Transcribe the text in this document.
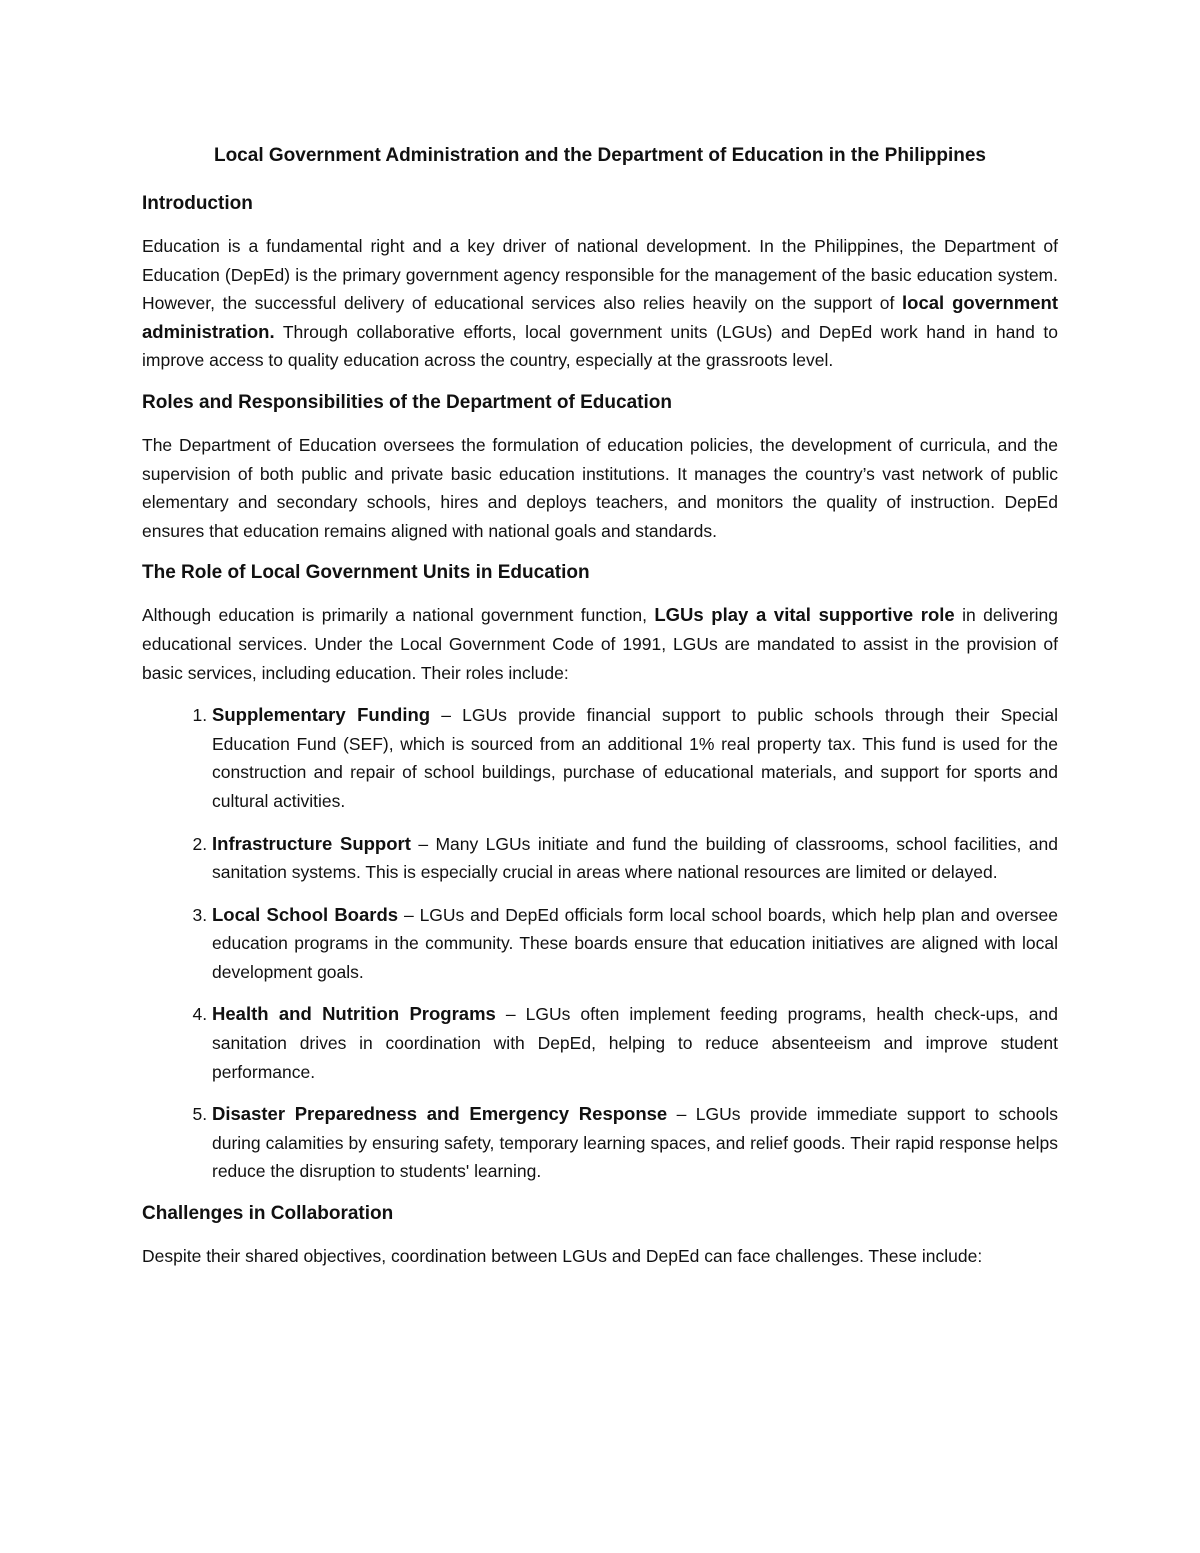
Local Government Administration and the Department of Education in the Philippines
Introduction

Education is a fundamental right and a key driver of national development. In the Philippines, the Department of Education (DepEd) is the primary government agency responsible for the management of the basic education system. However, the successful delivery of educational services also relies heavily on the support of local government administration. Through collaborative efforts, local government units (LGUs) and DepEd work hand in hand to improve access to quality education across the country, especially at the grassroots level.

Roles and Responsibilities of the Department of Education

The Department of Education oversees the formulation of education policies, the development of curricula, and the supervision of both public and private basic education institutions. It manages the country’s vast network of public elementary and secondary schools, hires and deploys teachers, and monitors the quality of instruction. DepEd ensures that education remains aligned with national goals and standards.

The Role of Local Government Units in Education

Although education is primarily a national government function, LGUs play a vital supportive role in delivering educational services. Under the Local Government Code of 1991, LGUs are mandated to assist in the provision of basic services, including education. Their roles include:

1. Supplementary Funding – LGUs provide financial support to public schools through their Special Education Fund (SEF), which is sourced from an additional 1% real property tax. This fund is used for the construction and repair of school buildings, purchase of educational materials, and support for sports and cultural activities.
2. Infrastructure Support – Many LGUs initiate and fund the building of classrooms, school facilities, and sanitation systems. This is especially crucial in areas where national resources are limited or delayed.
3. Local School Boards – LGUs and DepEd officials form local school boards, which help plan and oversee education programs in the community. These boards ensure that education initiatives are aligned with local development goals.
4. Health and Nutrition Programs – LGUs often implement feeding programs, health check-ups, and sanitation drives in coordination with DepEd, helping to reduce absenteeism and improve student performance.
5. Disaster Preparedness and Emergency Response – LGUs provide immediate support to schools during calamities by ensuring safety, temporary learning spaces, and relief goods. Their rapid response helps reduce the disruption to students' learning.
Challenges in Collaboration

Despite their shared objectives, coordination between LGUs and DepEd can face challenges. These include:
